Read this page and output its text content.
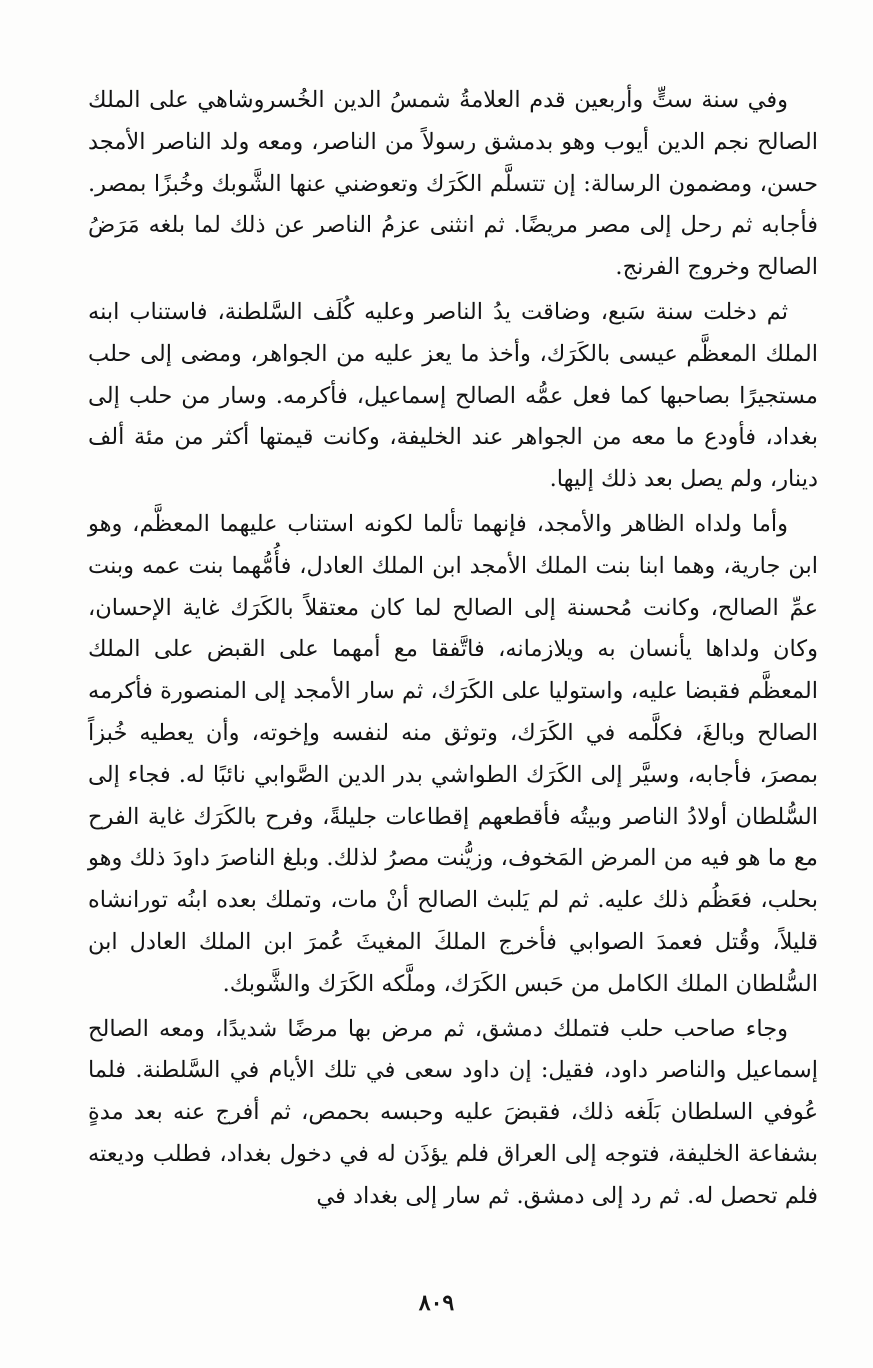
وفي سنة ستٍّ وأربعين قدم العلامةُ شمسُ الدين الخُسروشاهي على الملك الصالح نجم الدين أيوب وهو بدمشق رسولاً من الناصر، ومعه ولد الناصر الأمجد حسن، ومضمون الرسالة: إن تتسلَّم الكَرَك وتعوضني عنها الشَّوبك وخُبزًا بمصر. فأجابه ثم رحل إلى مصر مريضًا. ثم انثنى عزمُ الناصر عن ذلك لما بلغه مَرَضُ الصالح وخروج الفرنج.

ثم دخلت سنة سَبع، وضاقت يدُ الناصر وعليه كُلَف السَّلطنة، فاستناب ابنه الملك المعظَّم عيسى بالكَرَك، وأخذ ما يعز عليه من الجواهر، ومضى إلى حلب مستجيرًا بصاحبها كما فعل عمُّه الصالح إسماعيل، فأكرمه. وسار من حلب إلى بغداد، فأودع ما معه من الجواهر عند الخليفة، وكانت قيمتها أكثر من مئة ألف دينار، ولم يصل بعد ذلك إليها.

وأما ولداه الظاهر والأمجد، فإنهما تألما لكونه استناب عليهما المعظَّم، وهو ابن جارية، وهما ابنا بنت الملك الأمجد ابن الملك العادل، فأُمُّهما بنت عمه وبنت عمِّ الصالح، وكانت مُحسنة إلى الصالح لما كان معتقلاً بالكَرَك غاية الإحسان، وكان ولداها يأنسان به ويلازمانه، فاتَّفقا مع أمهما على القبض على الملك المعظَّم فقبضا عليه، واستوليا على الكَرَك، ثم سار الأمجد إلى المنصورة فأكرمه الصالح وبالغَ، فكلَّمه في الكَرَك، وتوثق منه لنفسه وإخوته، وأن يعطيه خُبزاً بمصرَ، فأجابه، وسيَّر إلى الكَرَك الطواشي بدر الدين الصَّوابي نائبًا له. فجاء إلى السُّلطان أولادُ الناصر وبيتُه فأقطعهم إقطاعات جليلةً، وفرح بالكَرَك غاية الفرح مع ما هو فيه من المرض المَخوف، وزيُّنت مصرُ لذلك. وبلغ الناصرَ داودَ ذلك وهو بحلب، فعَظُم ذلك عليه. ثم لم يَلبث الصالح أنْ مات، وتملك بعده ابنُه تورانشاه قليلاً، وقُتل فعمدَ الصوابي فأخرج الملكَ المغيثَ عُمرَ ابن الملك العادل ابن السُّلطان الملك الكامل من حَبس الكَرَك، وملَّكه الكَرَك والشَّوبك.

وجاء صاحب حلب فتملك دمشق، ثم مرض بها مرضًا شديدًا، ومعه الصالح إسماعيل والناصر داود، فقيل: إن داود سعى في تلك الأيام في السَّلطنة. فلما عُوفي السلطان بَلَغه ذلك، فقبضَ عليه وحبسه بحمص، ثم أفرج عنه بعد مدةٍ بشفاعة الخليفة، فتوجه إلى العراق فلم يؤذَن له في دخول بغداد، فطلب وديعته فلم تحصل له. ثم رد إلى دمشق. ثم سار إلى بغداد في

٨٠٩
